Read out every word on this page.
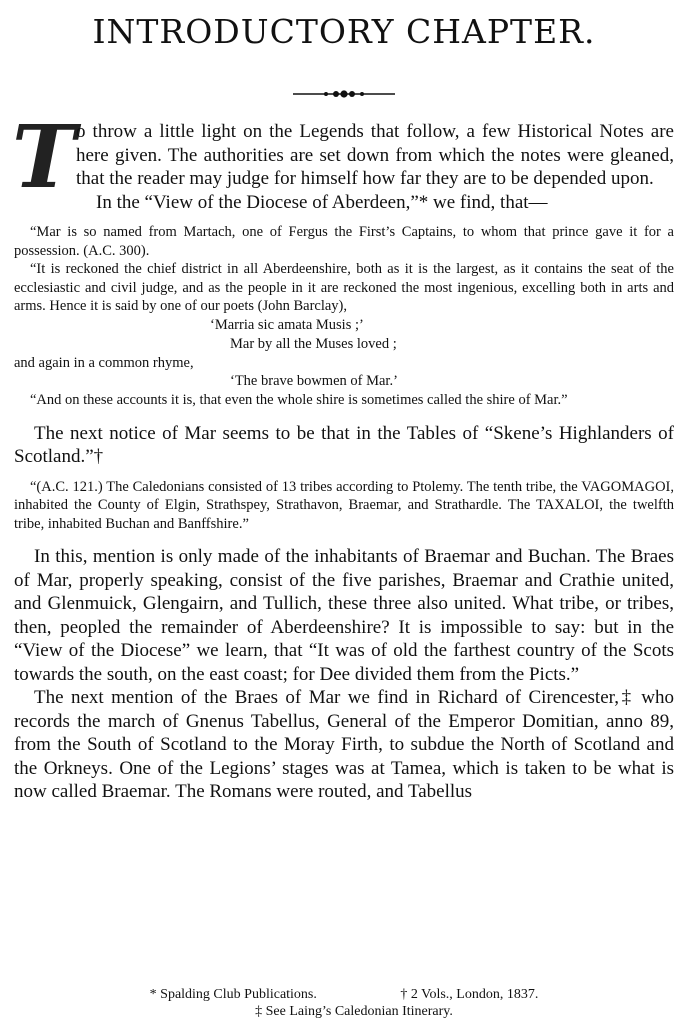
INTRODUCTORY CHAPTER.
T o throw a little light on the Legends that follow, a few Historical Notes are here given. The authorities are set down from which the notes were gleaned, that the reader may judge for himself how far they are to be depended upon.

In the “View of the Diocese of Aberdeen,”* we find, that—

“Mar is so named from Martach, one of Fergus the First’s Captains, to whom that prince gave it for a possession. (A.C. 300).

“It is reckoned the chief district in all Aberdeenshire, both as it is the largest, as it contains the seat of the ecclesiastic and civil judge, and as the people in it are reckoned the most ingenious, excelling both in arts and arms. Hence it is said by one of our poets (John Barclay),

‘Marria sic amata Musis ;’

Mar by all the Muses loved ;

and again in a common rhyme,

‘The brave bowmen of Mar.’

“And on these accounts it is, that even the whole shire is sometimes called the shire of Mar.”

The next notice of Mar seems to be that in the Tables of “Skene’s Highlanders of Scotland.”†

“(A.C. 121.) The Caledonians consisted of 13 tribes according to Ptolemy. The tenth tribe, the VAGOMAGOI, inhabited the County of Elgin, Strathspey, Strathavon, Braemar, and Strathardle. The TAXALOI, the twelfth tribe, inhabited Buchan and Banffshire.”

In this, mention is only made of the inhabitants of Braemar and Buchan. The Braes of Mar, properly speaking, consist of the five parishes, Braemar and Crathie united, and Glenmuick, Glengairn, and Tullich, these three also united. What tribe, or tribes, then, peopled the remainder of Aberdeenshire? It is impossible to say: but in the “View of the Diocese” we learn, that “It was of old the farthest country of the Scots towards the south, on the east coast; for Dee divided them from the Picts.”

The next mention of the Braes of Mar we find in Richard of Cirencester,‡ who records the march of Gnenus Tabellus, General of the Emperor Domitian, anno 89, from the South of Scotland to the Moray Firth, to subdue the North of Scotland and the Orkneys. One of the Legions’ stages was at Tamea, which is taken to be what is now called Braemar. The Romans were routed, and Tabellus

* Spalding Club Publications.	† 2 Vols., London, 1837.

‡ See Laing’s Caledonian Itinerary.
